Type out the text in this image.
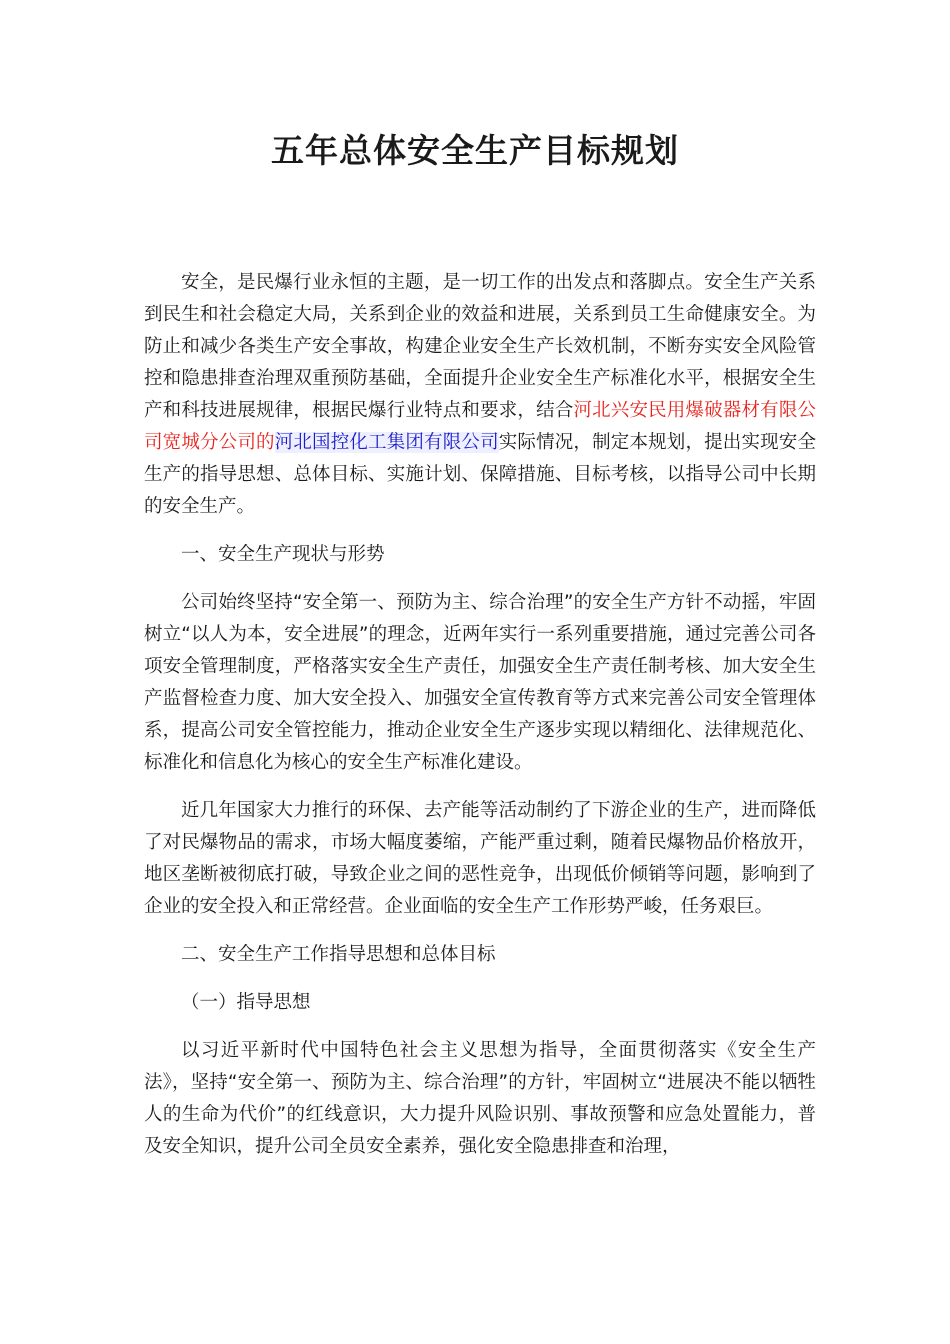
五年总体安全生产目标规划

安全，是民爆行业永恒的主题，是一切工作的出发点和落脚点。安全生产关系到民生和社会稳定大局，关系到企业的效益和进展，关系到员工生命健康安全。为防止和减少各类生产安全事故，构建企业安全生产长效机制，不断夯实安全风险管控和隐患排查治理双重预防基础，全面提升企业安全生产标准化水平，根据安全生产和科技进展规律，根据民爆行业特点和要求，结合河北兴安民用爆破器材有限公司宽城分公司的河北国控化工集团有限公司实际情况，制定本规划，提出实现安全生产的指导思想、总体目标、实施计划、保障措施、目标考核，以指导公司中长期的安全生产。

一、安全生产现状与形势

公司始终坚持“安全第一、预防为主、综合治理”的安全生产方针不动摇，牢固树立“以人为本，安全进展”的理念，近两年实行一系列重要措施，通过完善公司各项安全管理制度，严格落实安全生产责任，加强安全生产责任制考核、加大安全生产监督检查力度、加大安全投入、加强安全宣传教育等方式来完善公司安全管理体系，提高公司安全管控能力，推动企业安全生产逐步实现以精细化、法律规范化、标准化和信息化为核心的安全生产标准化建设。

近几年国家大力推行的环保、去产能等活动制约了下游企业的生产，进而降低了对民爆物品的需求，市场大幅度萎缩，产能严重过剩，随着民爆物品价格放开，地区垄断被彻底打破，导致企业之间的恶性竞争，出现低价倾销等问题，影响到了企业的安全投入和正常经营。企业面临的安全生产工作形势严峻，任务艰巨。

二、安全生产工作指导思想和总体目标

（一）指导思想

以习近平新时代中国特色社会主义思想为指导，全面贯彻落实《安全生产法》，坚持“安全第一、预防为主、综合治理”的方针，牢固树立“进展决不能以牺牲人的生命为代价”的红线意识，大力提升风险识别、事故预警和应急处置能力，普及安全知识，提升公司全员安全素养，强化安全隐患排查和治理，
